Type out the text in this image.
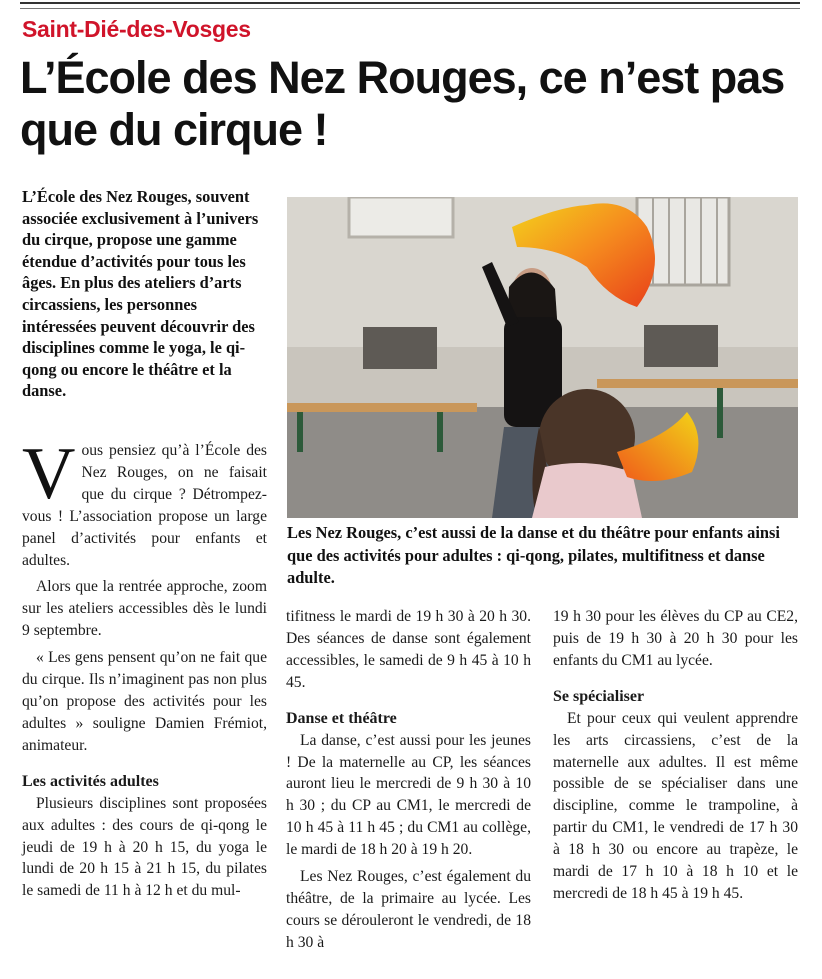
Saint-Dié-des-Vosges
L’École des Nez Rouges, ce n’est pas que du cirque !

L’École des Nez Rouges, souvent associée exclusivement à l’univers du cirque, propose une gamme étendue d’activités pour tous les âges. En plus des ateliers d’arts circassiens, les personnes intéressées peuvent découvrir des disciplines comme le yoga, le qi-qong ou encore le théâtre et la danse.

Les Nez Rouges, c’est aussi de la danse et du théâtre pour enfants ainsi que des activités pour adultes : qi-qong, pilates, multifitness et danse adulte.

Vous pensiez qu’à l’École des Nez Rouges, on ne faisait que du cirque ? Détrompez-vous ! L’association propose un large panel d’activités pour enfants et adultes.

Alors que la rentrée approche, zoom sur les ateliers accessibles dès le lundi 9 septembre.

« Les gens pensent qu’on ne fait que du cirque. Ils n’imaginent pas non plus qu’on propose des activités pour les adultes » souligne Damien Frémiot, animateur.

Les activités adultes

Plusieurs disciplines sont proposées aux adultes : des cours de qi-qong le jeudi de 19 h à 20 h 15, du yoga le lundi de 20 h 15 à 21 h 15, du pilates le samedi de 11 h à 12 h et du mul-

tifitness le mardi de 19 h 30 à 20 h 30. Des séances de danse sont également accessibles, le samedi de 9 h 45 à 10 h 45.

Danse et théâtre

La danse, c’est aussi pour les jeunes ! De la maternelle au CP, les séances auront lieu le mercredi de 9 h 30 à 10 h 30 ; du CP au CM1, le mercredi de 10 h 45 à 11 h 45 ; du CM1 au collège, le mardi de 18 h 20 à 19 h 20.

Les Nez Rouges, c’est également du théâtre, de la primaire au lycée. Les cours se dérouleront le vendredi, de 18 h 30 à

19 h 30 pour les élèves du CP au CE2, puis de 19 h 30 à 20 h 30 pour les enfants du CM1 au lycée.

Se spécialiser

Et pour ceux qui veulent apprendre les arts circassiens, c’est de la maternelle aux adultes. Il est même possible de se spécialiser dans une discipline, comme le trampoline, à partir du CM1, le vendredi de 17 h 30 à 18 h 30 ou encore au trapèze, le mardi de 17 h 10 à 18 h 10 et le mercredi de 18 h 45 à 19 h 45.
